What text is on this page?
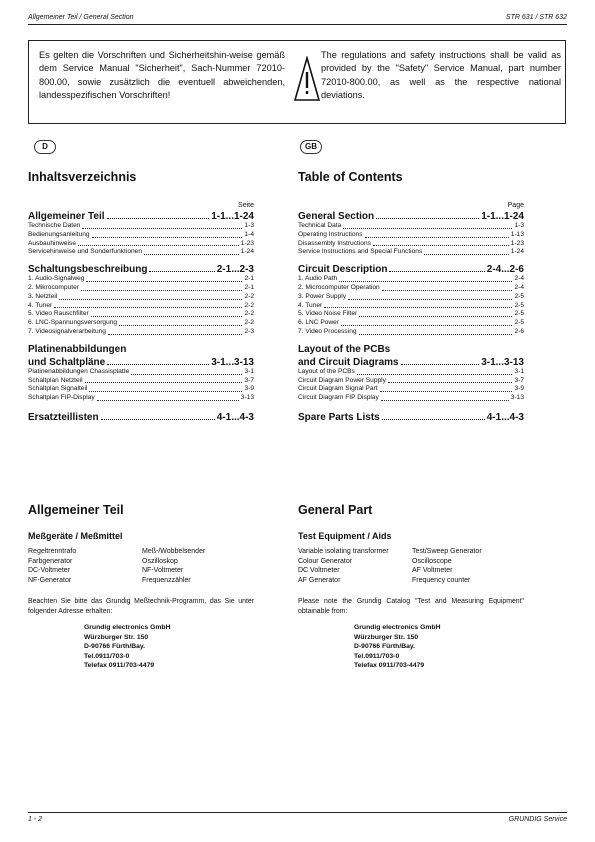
Allgemeiner Teil / General Section	STR 631 / STR 632
Es gelten die Vorschriften und Sicherheitshin-weise gemäß dem Service Manual "Sicherheit", Sach-Nummer 72010-800.00, sowie zusätzlich die eventuell abweichenden, landesspezifischen Vorschriften!
The regulations and safety instructions shall be valid as provided by the "Safety" Service Manual, part number 72010-800.00, as well as the respective national deviations.
D	GB
Inhaltsverzeichnis
Seite
Allgemeiner Teil	1-1...1-24
Technische Daten	1-3
Bedienungsanleitung	1-4
Ausbauhinweise	1-23
Servicehinweise und Sonderfunktionen	1-24
Schaltungsbeschreibung	2-1...2-3
1. Audio-Signalweg	2-1
2. Mikrocomputer	2-1
3. Netzteil	2-2
4. Tuner	2-2
5. Video Rauschfilter	2-2
6. LNC-Spannungsversorgung	2-2
7. Videosignalverarbeitung	2-3
Platinenabbildungen
und Schaltpläne	3-1...3-13
Platinenabbildungen Chassisplatte	3-1
Schaltplan Netzteil	3-7
Schaltplan Signalteil	3-9
Schaltplan FIP-Display	3-13
Ersatzteillisten	4-1...4-3
Table of Contents
Page
General Section	1-1...1-24
Technical Data	1-3
Operating Instructions	1-13
Disassembly Instructions	1-23
Service Instructions and Special Functions	1-24
Circuit Description	2-4...2-6
1. Audio Path	2-4
2. Microcomputer Operation	2-4
3. Power Supply	2-5
4. Tuner	2-5
5. Video Noise Filter	2-5
6. LNC Power	2-5
7. Video Processing	2-6
Layout of the PCBs
and Circuit Diagrams	3-1...3-13
Layout of the PCBs	3-1
Circuit Diagram Power Supply	3-7
Circuit Diagram Signal Part	3-9
Circuit Diagram FIP Display	3-13
Spare Parts Lists	4-1...4-3
Allgemeiner Teil
Meßgeräte / Meßmittel
Regeltrenntrafo	Meß-/Wobbelsender
Farbgenerator	Oszilloskop
DC-Voltmeter	NF-Voltmeter
NF-Generator	Frequenzzähler
Beachten Sie bitte das Grundig Meßtechnik-Programm, das Sie unter folgender Adresse erhalten:
Grundig electronics GmbH
Würzburger Str. 150
D-90766 Fürth/Bay.
Tel.0911/703-0
Telefax 0911/703-4479
General Part
Test Equipment / Aids
Variable isolating transformer	Test/Sweep Generator
Colour Generator	Oscilloscope
DC Voltmeter	AF Voltmeter
AF Generator	Frequency counter
Please note the Grundig Catalog "Test and Measuring Equipment" obtainable from:
Grundig electronics GmbH
Würzburger Str. 150
D-90766 Fürth/Bay.
Tel.0911/703-0
Telefax 0911/703-4479
1 - 2	GRUNDIG Service
